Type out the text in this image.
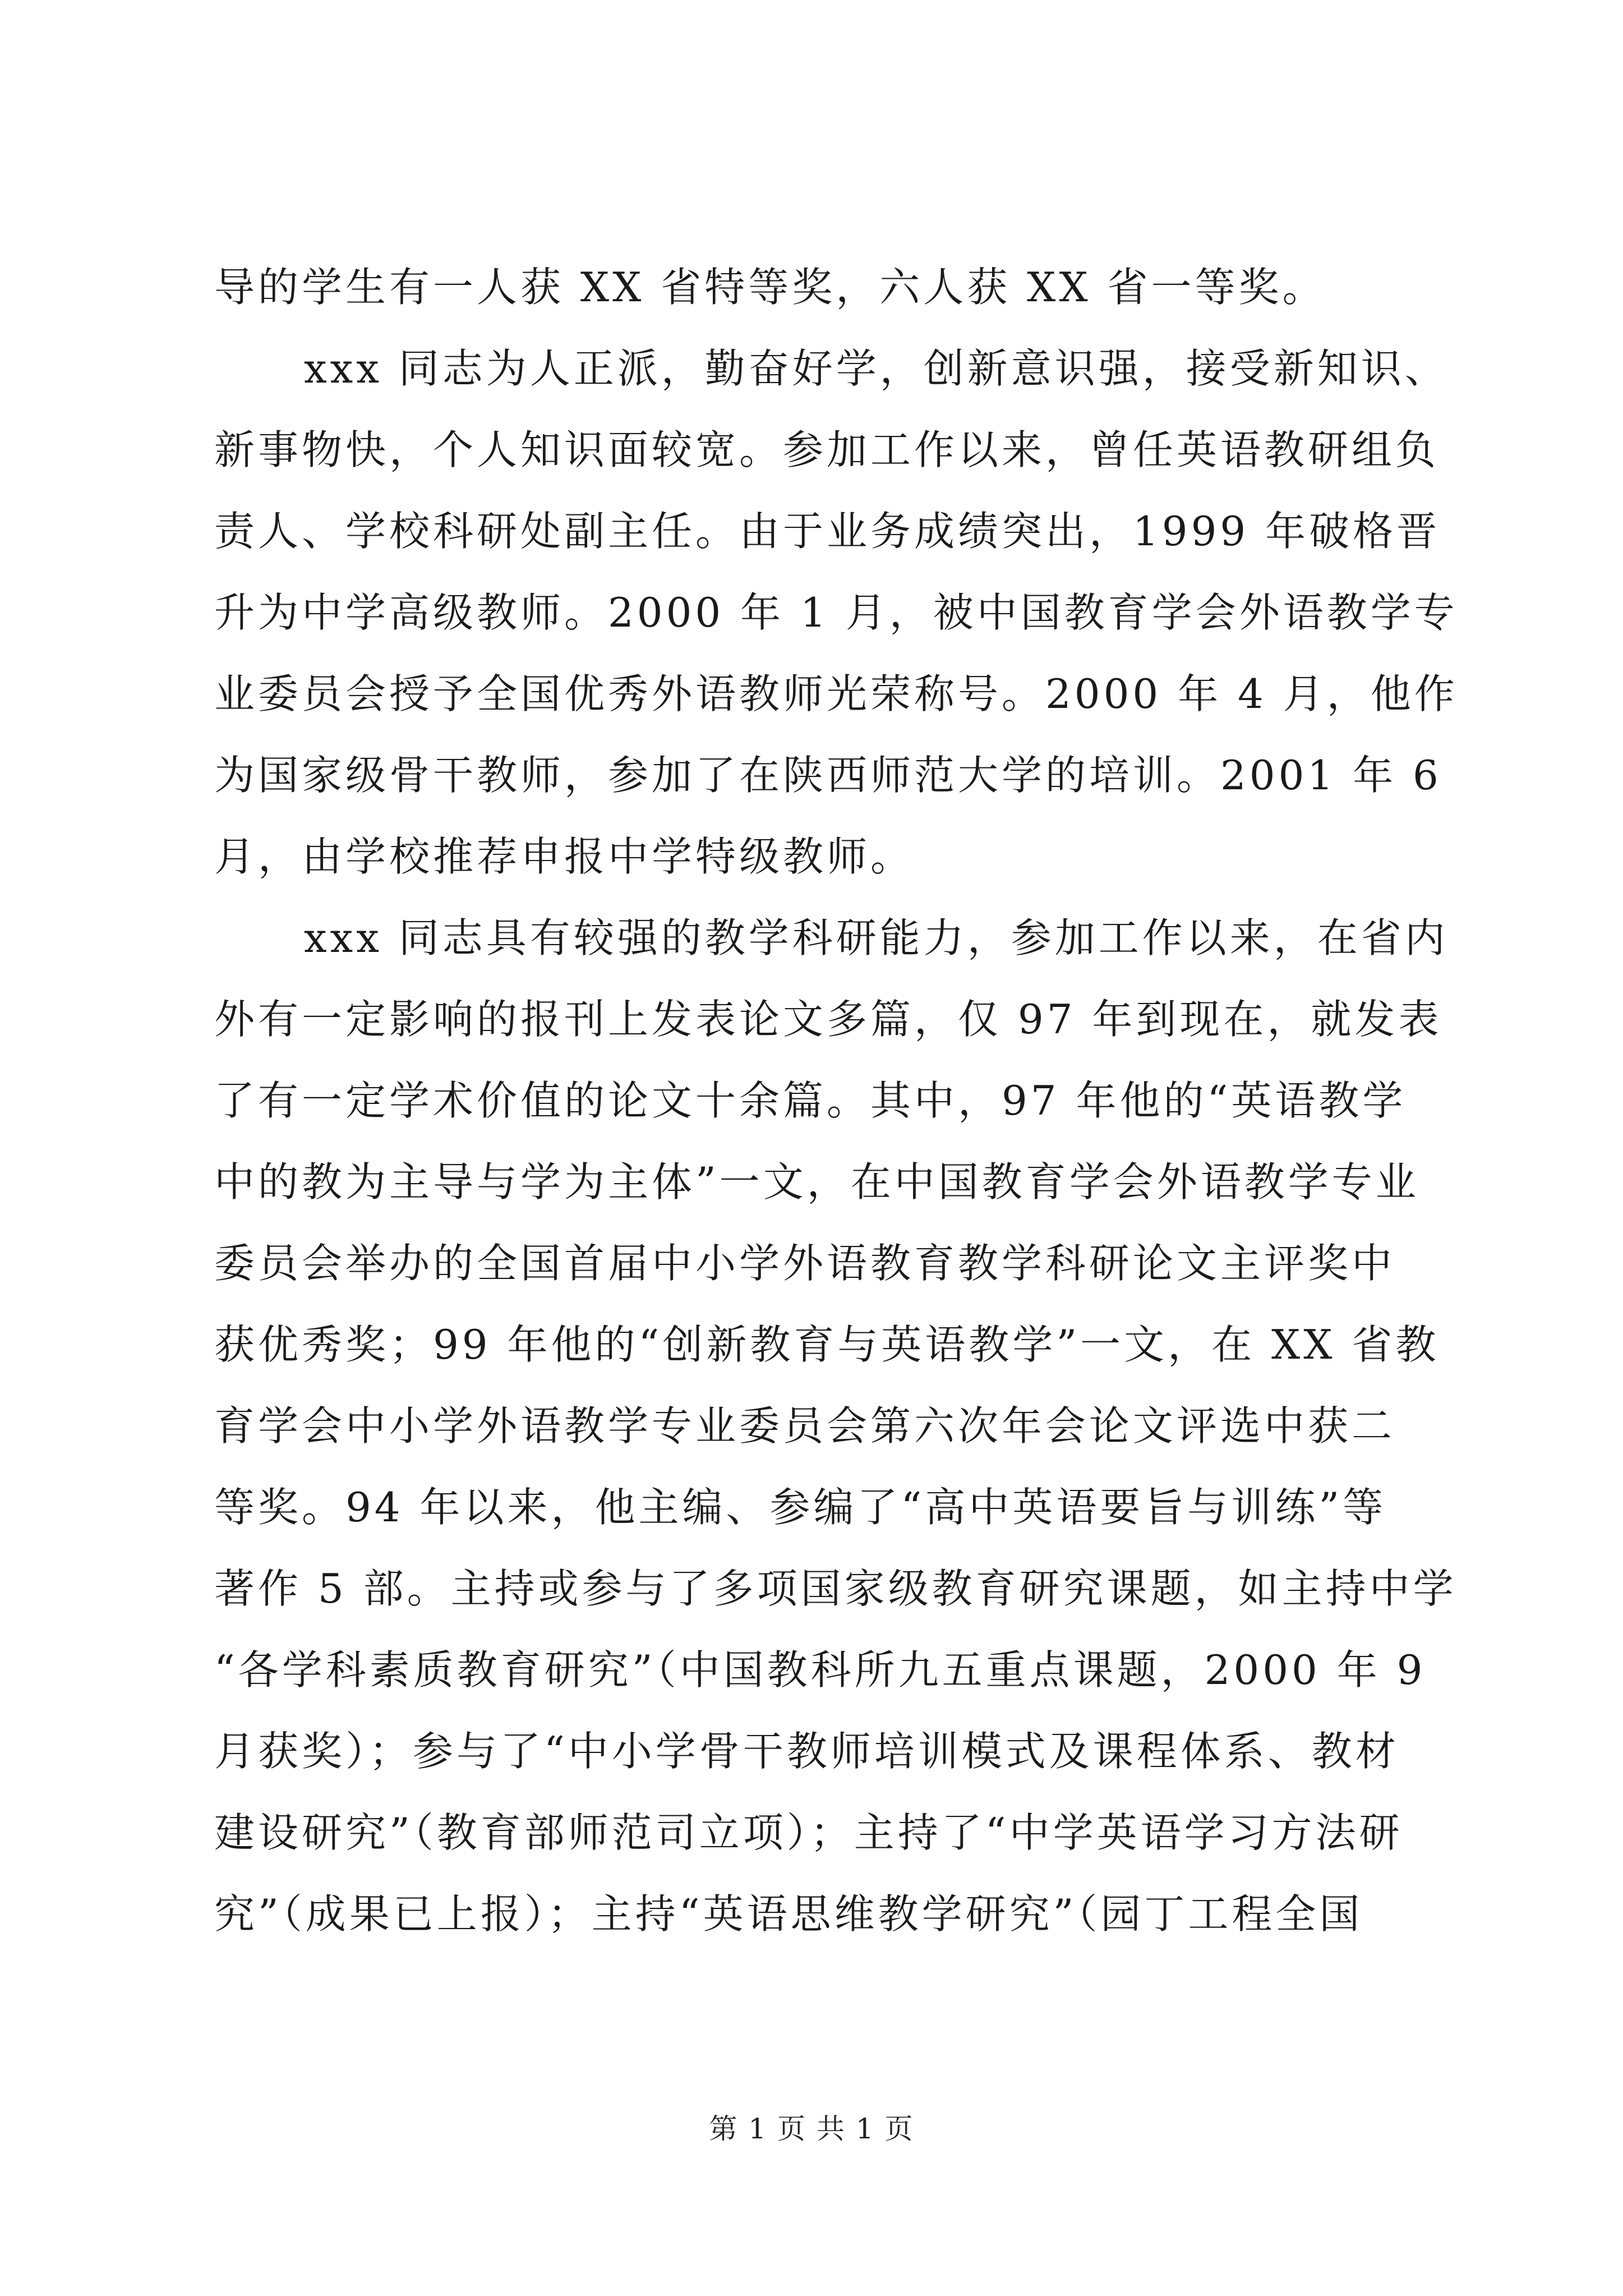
导的学生有一人获 XX 省特等奖，六人获 XX 省一等奖。
xxx 同志为人正派，勤奋好学，创新意识强，接受新知识、
新事物快，个人知识面较宽。参加工作以来，曾任英语教研组负
责人、学校科研处副主任。由于业务成绩突出，1999 年破格晋
升为中学高级教师。2000 年 1 月，被中国教育学会外语教学专
业委员会授予全国优秀外语教师光荣称号。2000 年 4 月，他作
为国家级骨干教师，参加了在陕西师范大学的培训。2001 年 6
月，由学校推荐申报中学特级教师。
xxx 同志具有较强的教学科研能力，参加工作以来，在省内
外有一定影响的报刊上发表论文多篇，仅 97 年到现在，就发表
了有一定学术价值的论文十余篇。其中，97 年他的“英语教学
中的教为主导与学为主体”一文，在中国教育学会外语教学专业
委员会举办的全国首届中小学外语教育教学科研论文主评奖中
获优秀奖；99 年他的“创新教育与英语教学”一文，在 XX 省教
育学会中小学外语教学专业委员会第六次年会论文评选中获二
等奖。94 年以来，他主编、参编了“高中英语要旨与训练”等
著作 5 部。主持或参与了多项国家级教育研究课题，如主持中学
“各学科素质教育研究”（中国教科所九五重点课题，2000 年 9
月获奖）；参与了“中小学骨干教师培训模式及课程体系、教材
建设研究”（教育部师范司立项）；主持了“中学英语学习方法研
究”（成果已上报）；主持“英语思维教学研究”（园丁工程全国
第 1 页 共 1 页
